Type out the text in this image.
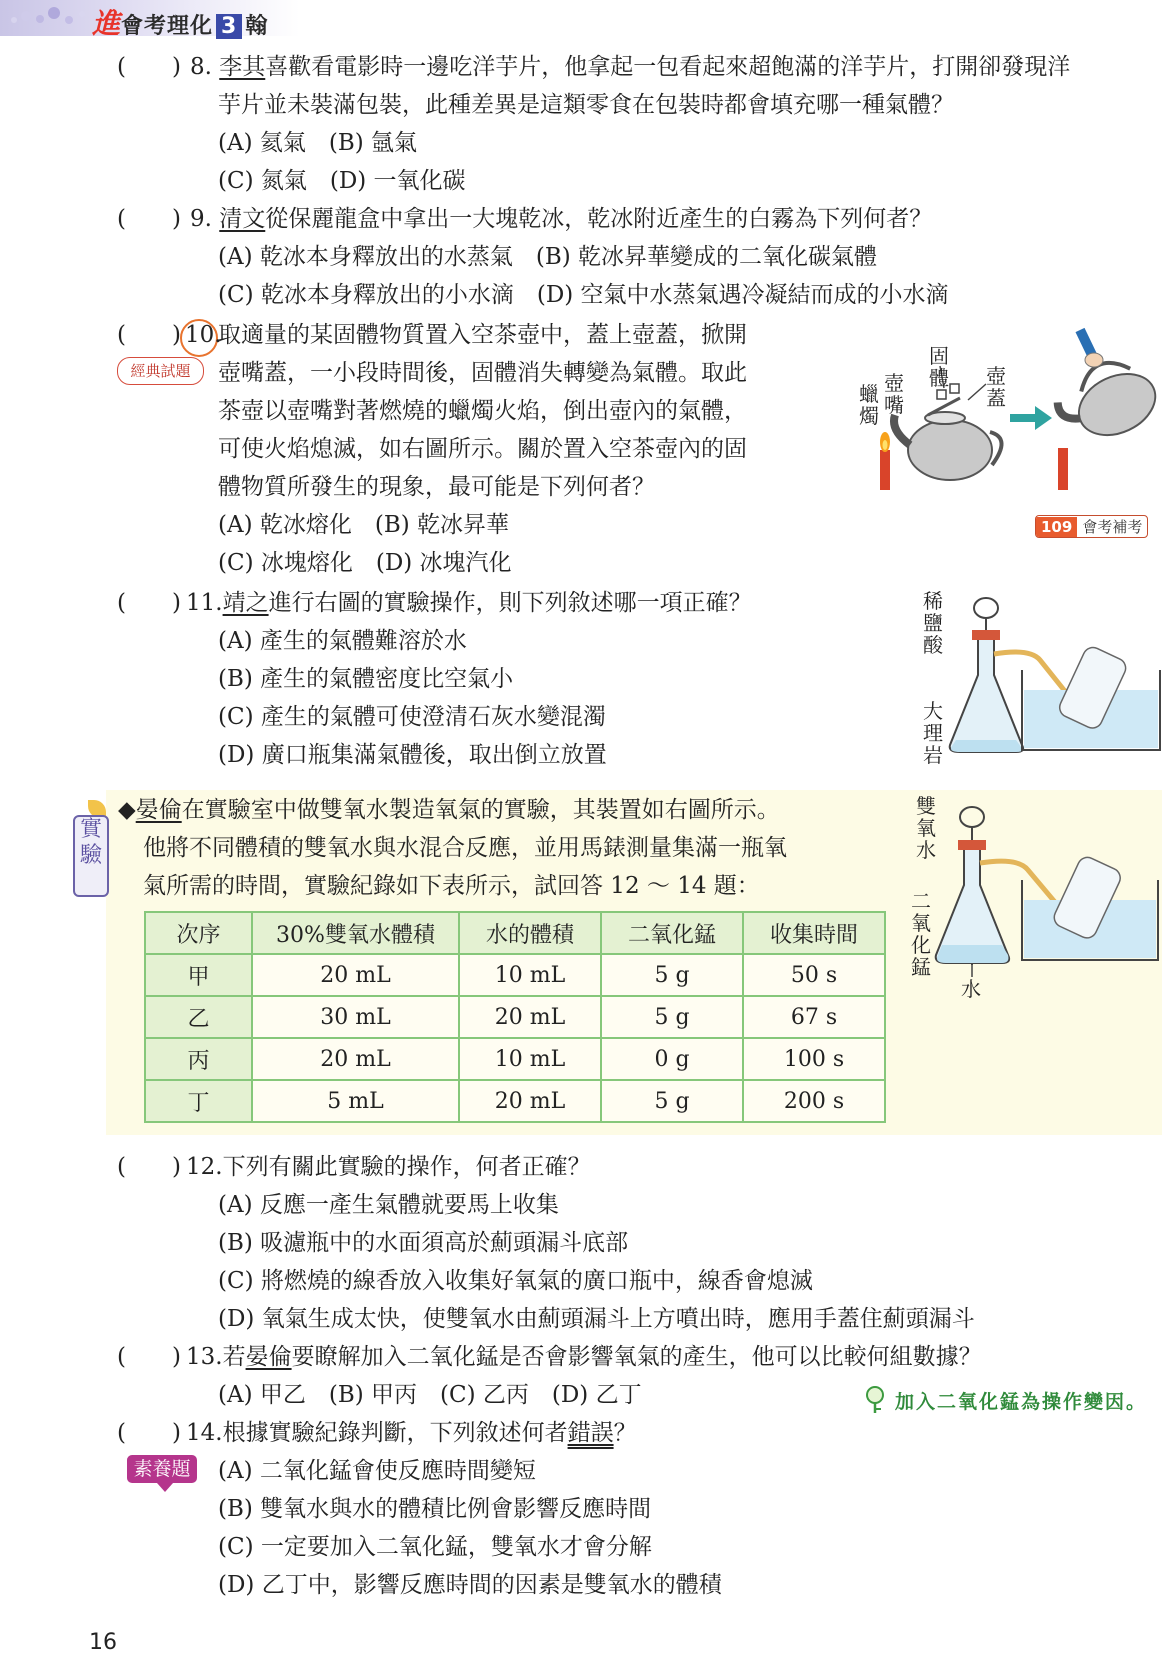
進會考理化 3 翰
(　　) 8. 李其喜歡看電影時一邊吃洋芋片，他拿起一包看起來超飽滿的洋芋片，打開卻發現洋
芋片並未裝滿包裝，此種差異是這類零食在包裝時都會填充哪一種氣體？
(A) 氦氣　(B) 氬氣
(C) 氮氣　(D) 一氧化碳
(　　) 9. 清文從保麗龍盒中拿出一大塊乾冰，乾冰附近產生的白霧為下列何者？
(A) 乾冰本身釋放出的水蒸氣　(B) 乾冰昇華變成的二氧化碳氣體
(C) 乾冰本身釋放出的小水滴　(D) 空氣中水蒸氣遇冷凝結而成的小水滴
(　　) 10.
取適量的某固體物質置入空茶壺中，蓋上壺蓋，掀開
經典試題	壺嘴蓋，一小段時間後，固體消失轉變為氣體。取此
茶壺以壺嘴對著燃燒的蠟燭火焰，倒出壺內的氣體，
可使火焰熄滅，如右圖所示。關於置入空茶壺內的固
體物質所發生的現象，最可能是下列何者？
(A) 乾冰熔化　(B) 乾冰昇華
(C) 冰塊熔化　(D) 冰塊汽化
蠟燭
壺嘴
固體 壺蓋
109 會考補考
(　　) 11.靖之進行右圖的實驗操作，則下列敘述哪一項正確？
(A) 產生的氣體難溶於水
(B) 產生的氣體密度比空氣小
(C) 產生的氣體可使澄清石灰水變混濁
(D) 廣口瓶集滿氣體後，取出倒立放置
稀鹽酸
大理岩
實驗
◆晏倫在實驗室中做雙氧水製造氧氣的實驗，其裝置如右圖所示。
他將不同體積的雙氧水與水混合反應，並用馬錶測量集滿一瓶氧
氣所需的時間，實驗紀錄如下表所示，試回答 12 ～ 14 題：
次序	30%雙氧水體積	水的體積	二氧化錳	收集時間
甲	20 mL	10 mL	5 g	50 s
乙	30 mL	20 mL	5 g	67 s
丙	20 mL	10 mL	0 g	100 s
丁	5 mL	20 mL	5 g	200 s
雙氧水
二氧化錳
水
(　　) 12.下列有關此實驗的操作，何者正確？
(A) 反應一產生氣體就要馬上收集
(B) 吸濾瓶中的水面須高於薊頭漏斗底部
(C) 將燃燒的線香放入收集好氧氣的廣口瓶中，線香會熄滅
(D) 氧氣生成太快，使雙氧水由薊頭漏斗上方噴出時，應用手蓋住薊頭漏斗
(　　) 13.若晏倫要瞭解加入二氧化錳是否會影響氧氣的產生，他可以比較何組數據？
(A) 甲乙　(B) 甲丙　(C) 乙丙　(D) 乙丁	加入二氧化錳為操作變因。
(　　) 14.根據實驗紀錄判斷，下列敘述何者錯誤？
素養題 (A) 二氧化錳會使反應時間變短
(B) 雙氧水與水的體積比例會影響反應時間
(C) 一定要加入二氧化錳，雙氧水才會分解
(D) 乙丁中，影響反應時間的因素是雙氧水的體積
16
